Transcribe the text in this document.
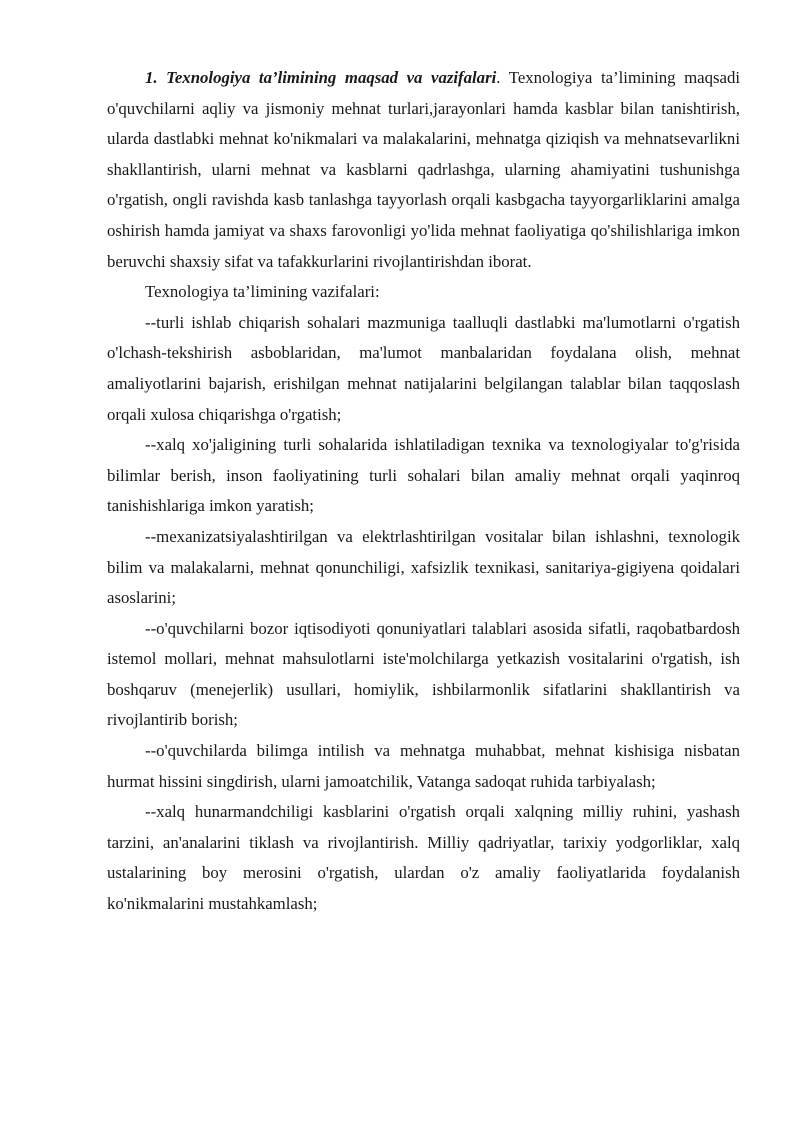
1. Texnologiya ta’limining maqsad va vazifalari. Texnologiya ta’limining maqsadi o'quvchilarni aqliy va jismoniy mehnat turlari,jarayonlari hamda kasblar bilan tanishtirish, ularda dastlabki mehnat ko'nikmalari va malakalarini, mehnatga qiziqish va mehnatsevarlikni shakllantirish, ularni mehnat va kasblarni qadrlashga, ularning ahamiyatini tushunishga o'rgatish, ongli ravishda kasb tanlashga tayyorlash orqali kasbgacha tayyorgarliklarini amalga oshirish hamda jamiyat va shaxs farovonligi yo'lida mehnat faoliyatiga qo'shilishlariga imkon beruvchi shaxsiy sifat va tafakkurlarini rivojlantirishdan iborat.

Texnologiya ta’limining vazifalari:

--turli ishlab chiqarish sohalari mazmuniga taalluqli dastlabki ma'lumotlarni o'rgatish o'lchash-tekshirish asboblaridan, ma'lumot manbalaridan foydalana olish, mehnat amaliyotlarini bajarish, erishilgan mehnat natijalarini belgilangan talablar bilan taqqoslash orqali xulosa chiqarishga o'rgatish;

--xalq xo'jaligining turli sohalarida ishlatiladigan texnika va texnologiyalar to'g'risida bilimlar berish, inson faoliyatining turli sohalari bilan amaliy mehnat orqali yaqinroq tanishishlariga imkon yaratish;

--mexanizatsiyalashtirilgan va elektrlashtirilgan vositalar bilan ishlashni, texnologik bilim va malakalarni, mehnat qonunchiligi, xafsizlik texnikasi, sanitariya-gigiyena qoidalari asoslarini;

--o'quvchilarni bozor iqtisodiyoti qonuniyatlari talablari asosida sifatli, raqobatbardosh istemol mollari, mehnat mahsulotlarni iste'molchilarga yetkazish vositalarini o'rgatish, ish boshqaruv (menejerlik) usullari, homiylik, ishbilarmonlik sifatlarini shakllantirish va rivojlantirib borish;

--o'quvchilarda bilimga intilish va mehnatga muhabbat, mehnat kishisiga nisbatan hurmat hissini singdirish, ularni jamoatchilik, Vatanga sadoqat ruhida tarbiyalash;

--xalq hunarmandchiligi kasblarini o'rgatish orqali xalqning milliy ruhini, yashash tarzini, an'analarini tiklash va rivojlantirish. Milliy qadriyatlar, tarixiy yodgorliklar, xalq ustalarining boy merosini o'rgatish, ulardan o'z amaliy faoliyatlarida foydalanish ko'nikmalarini mustahkamlash;
